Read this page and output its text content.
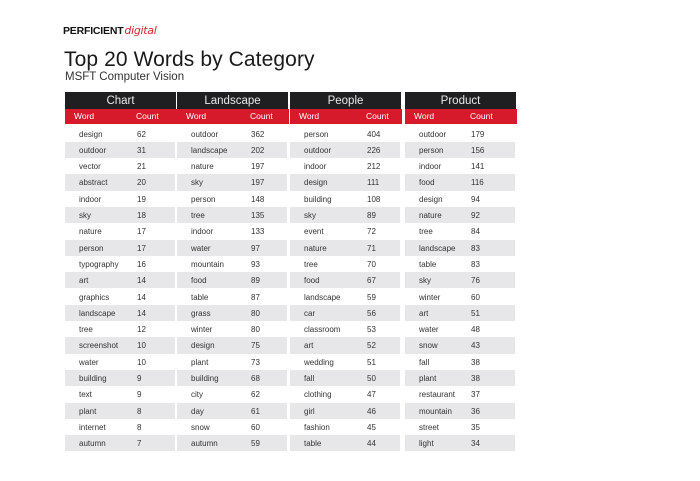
PERFICIENT digital
Top 20 Words by Category
MSFT Computer Vision
Chart
Word	Count
design	62
outdoor	31
vector	21
abstract	20
indoor	19
sky	18
nature	17
person	17
typography 16
art	14
graphics	14
landscape	14
tree	12
screenshot 10
water	10
building	9
text	9
plant	8
internet	8
autumn	7
Landscape
Word	Count
outdoor	362
landscape	202
nature	197
sky	197
person	148
tree	135
indoor	133
water	97
mountain	93
food	89
table	87
grass	80
winter	80
design	75
plant	73
building	68
city	62
day	61
snow	60
autumn	59
People
Word	Count
person	404
outdoor	226
indoor	212
design	111
building	108
sky	89
event	72
nature	71
tree	70
food	67
landscape	59
car	56
classroom	53
art	52
wedding	51
fall	50
clothing	47
girl	46
fashion	45
table	44
Product
Word	Count
outdoor	179
person	156
indoor	141
food	116
design	94
nature	92
tree	84
landscape 83
table	83
sky	76
winter	60
art	51
water	48
snow	43
fall	38
plant	38
restaurant 37
mountain 36
street	35
light	34
